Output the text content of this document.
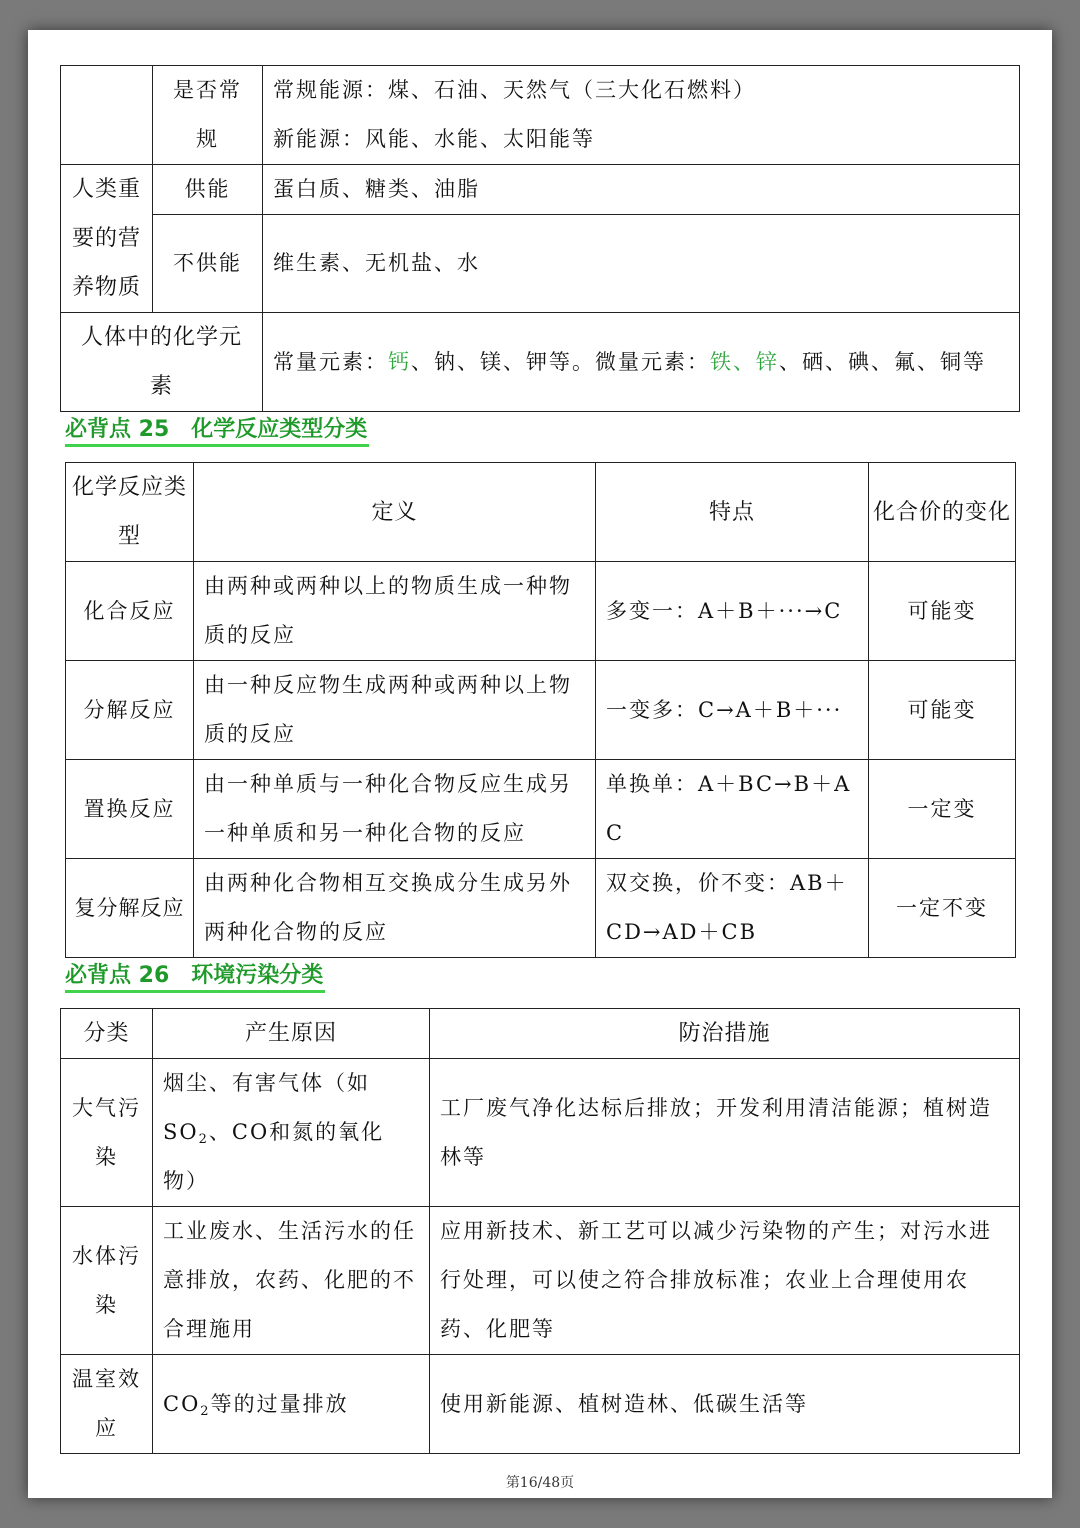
	是否常规	常规能源：煤、石油、天然气（三大化石燃料）
新能源：风能、水能、太阳能等

人类重要的营养物质	供能	蛋白质、糖类、油脂
	不供能	维生素、无机盐、水
人体中的化学元素		常量元素：钙、钠、镁、钾等。微量元素：铁、锌、硒、碘、氟、铜等
必背点 25　化学反应类型分类
化学反应类型	定义	特点	化合价的变化
化合反应	由两种或两种以上的物质生成一种物质的反应	多变一：A＋B＋···→C	可能变
分解反应	由一种反应物生成两种或两种以上物质的反应	一变多：C→A＋B＋···	可能变
置换反应	由一种单质与一种化合物反应生成另一种单质和另一种化合物的反应	单换单：A＋BC→B＋AC	一定变
复分解反应	由两种化合物相互交换成分生成另外两种化合物的反应	双交换，价不变：AB＋CD→AD＋CB	一定不变
必背点 26　环境污染分类
分类	产生原因	防治措施
大气污染	烟尘、有害气体（如$SO_2$、CO和氮的氧化物）	工厂废气净化达标后排放；开发利用清洁能源；植树造林等
水体污染	工业废水、生活污水的任意排放，农药、化肥的不合理施用	应用新技术、新工艺可以减少污染物的产生；对污水进行处理，可以使之符合排放标准；农业上合理使用农药、化肥等
温室效应	$CO_2$等的过量排放	使用新能源、植树造林、低碳生活等
第16/48页
